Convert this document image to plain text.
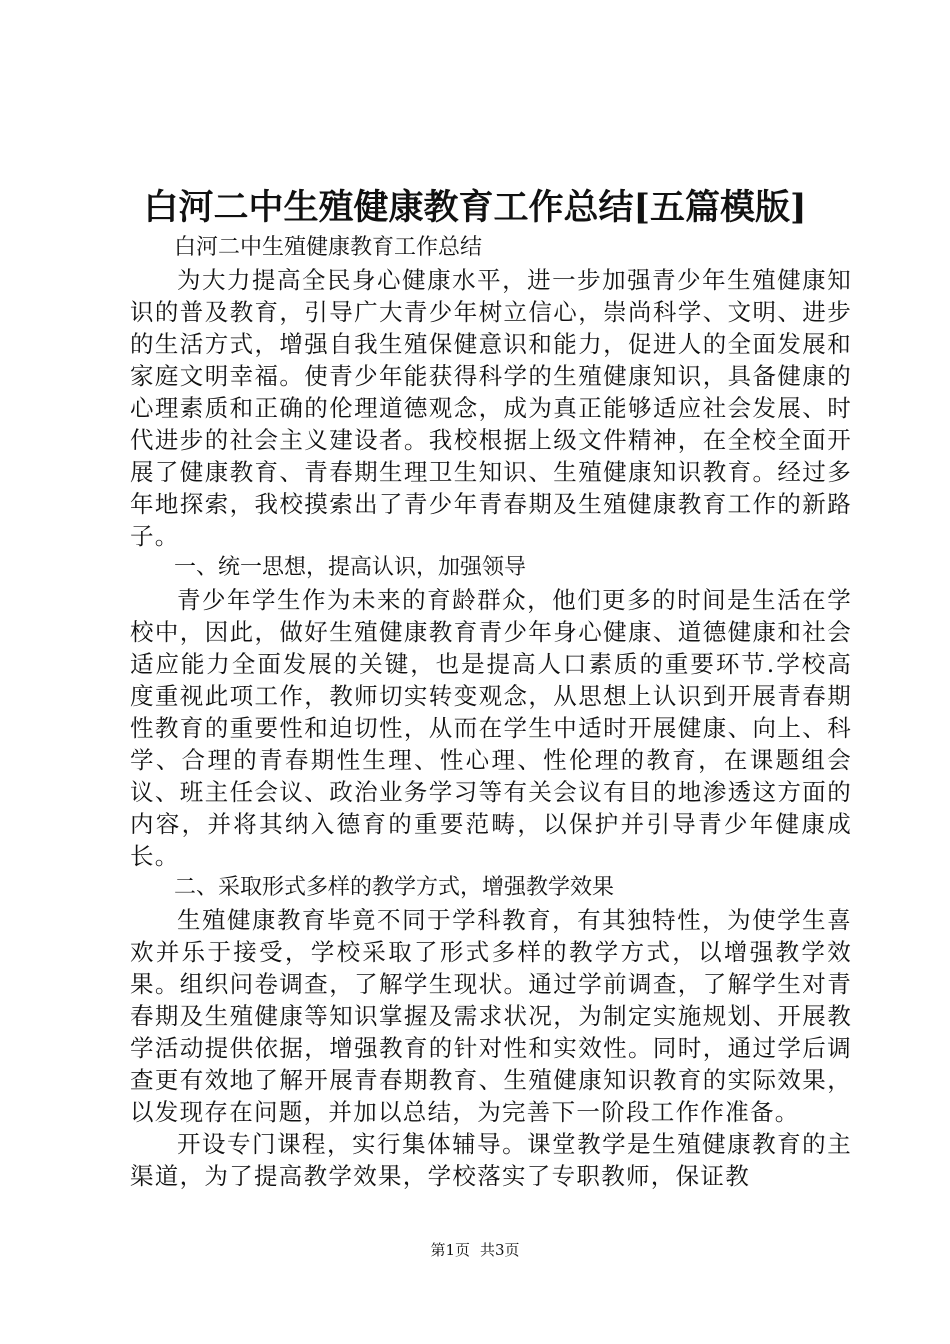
白河二中生殖健康教育工作总结[五篇模版]

白河二中生殖健康教育工作总结

为大力提高全民身心健康水平，进一步加强青少年生殖健康知识的普及教育，引导广大青少年树立信心，崇尚科学、文明、进步的生活方式，增强自我生殖保健意识和能力，促进人的全面发展和家庭文明幸福。使青少年能获得科学的生殖健康知识，具备健康的心理素质和正确的伦理道德观念，成为真正能够适应社会发展、时代进步的社会主义建设者。我校根据上级文件精神，在全校全面开展了健康教育、青春期生理卫生知识、生殖健康知识教育。经过多年地探索，我校摸索出了青少年青春期及生殖健康教育工作的新路子。

一、统一思想，提高认识，加强领导

青少年学生作为未来的育龄群众，他们更多的时间是生活在学校中，因此，做好生殖健康教育青少年身心健康、道德健康和社会适应能力全面发展的关键，也是提高人口素质的重要环节.学校高度重视此项工作，教师切实转变观念，从思想上认识到开展青春期性教育的重要性和迫切性，从而在学生中适时开展健康、向上、科学、合理的青春期性生理、性心理、性伦理的教育，在课题组会议、班主任会议、政治业务学习等有关会议有目的地渗透这方面的内容，并将其纳入德育的重要范畴，以保护并引导青少年健康成长。

二、采取形式多样的教学方式，增强教学效果

生殖健康教育毕竟不同于学科教育，有其独特性，为使学生喜欢并乐于接受，学校采取了形式多样的教学方式，以增强教学效果。组织问卷调查，了解学生现状。通过学前调查，了解学生对青春期及生殖健康等知识掌握及需求状况，为制定实施规划、开展教学活动提供依据，增强教育的针对性和实效性。同时，通过学后调查更有效地了解开展青春期教育、生殖健康知识教育的实际效果，以发现存在问题，并加以总结，为完善下一阶段工作作准备。

开设专门课程，实行集体辅导。课堂教学是生殖健康教育的主渠道，为了提高教学效果，学校落实了专职教师，保证教

第1页 共3页
